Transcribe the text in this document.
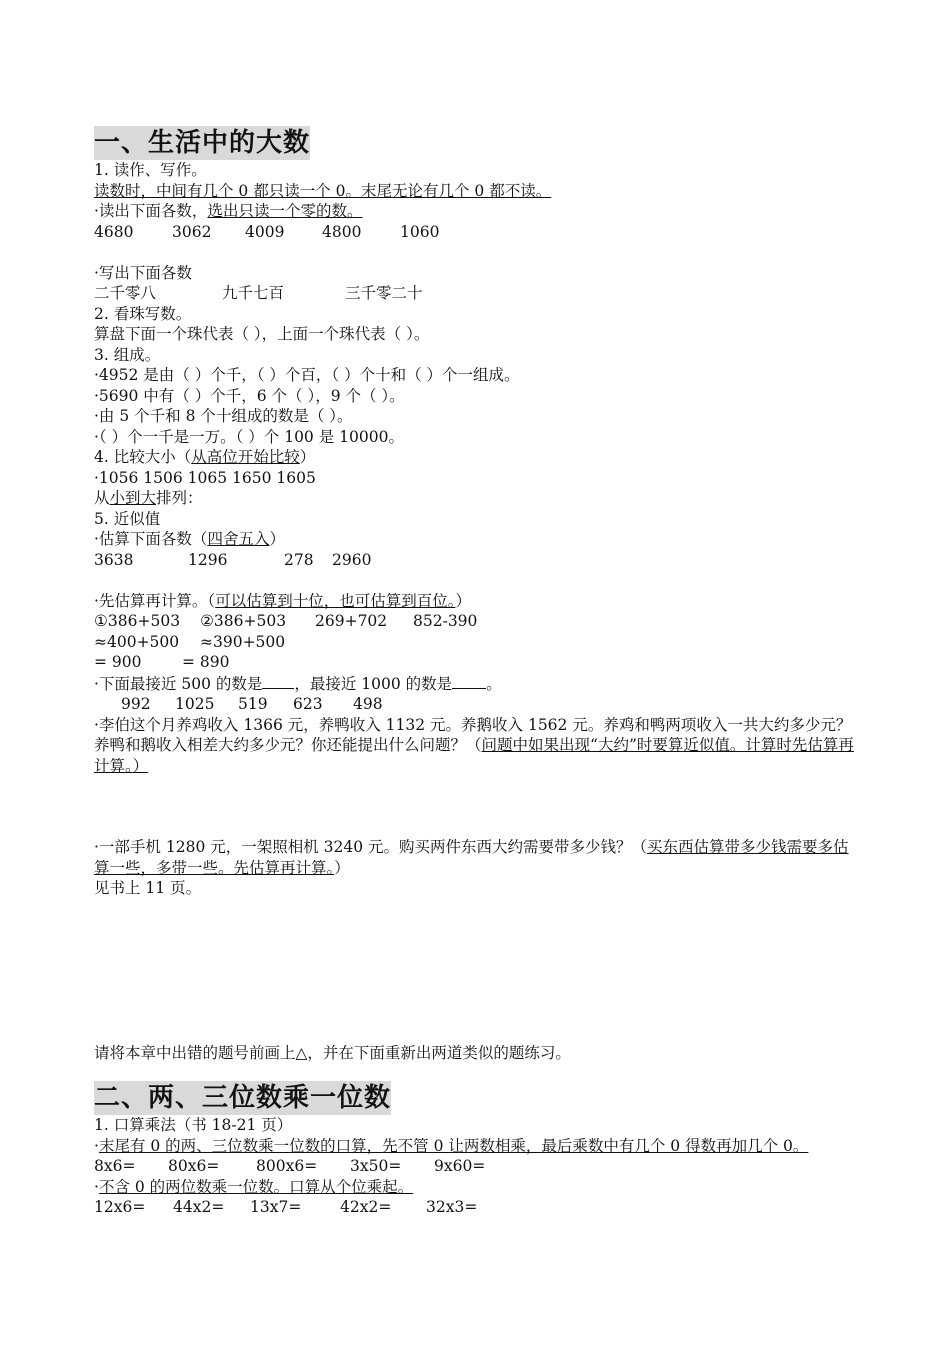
一、生活中的大数
1. 读作、写作。
读数时，中间有几个 0 都只读一个 0。末尾无论有几个 0 都不读。
·读出下面各数，选出只读一个零的数。
4680 3062 4009 4800 1060
·写出下面各数
二千零八	九千七百	三千零二十
2. 看珠写数。
算盘下面一个珠代表（ ），上面一个珠代表（ ）。
3. 组成。
·4952 是由（ ）个千，（ ）个百，（ ）个十和（ ）个一组成。
·5690 中有（ ）个千，6 个（ ），9 个（ ）。
·由 5 个千和 8 个十组成的数是（ ）。
·（ ）个一千是一万。（ ）个 100 是 10000。
4. 比较大小（从高位开始比较）
·1056 1506 1065 1650 1605
从小到大排列：
5. 近似值
·估算下面各数（四舍五入）
3638	1296	278 2960
·先估算再计算。（可以估算到十位，也可估算到百位。）
①386+503 ②386+503 269+702 852-390
≈400+500 ≈390+500
= 900	= 890
·下面最接近 500 的数是 ，最接近 1000 的数是 。
992 1025 519 623 498
·李伯这个月养鸡收入 1366 元，养鸭收入 1132 元。养鹅收入 1562 元。养鸡和鸭两项收入一共大约多少元？养鸭和鹅收入相差大约多少元？你还能提出什么问题？（问题中如果出现“大约”时要算近似值。计算时先估算再计算。）
·一部手机 1280 元，一架照相机 3240 元。购买两件东西大约需要带多少钱？（买东西估算带多少钱需要多估算一些，多带一些。先估算再计算。）
见书上 11 页。
请将本章中出错的题号前画上△，并在下面重新出两道类似的题练习。
二、两、三位数乘一位数
1. 口算乘法（书 18-21 页）
·末尾有 0 的两、三位数乘一位数的口算，先不管 0 让两数相乘，最后乘数中有几个 0 得数再加几个 0。
8x6= 80x6= 800x6= 3x50= 9x60=
·不含 0 的两位数乘一位数。口算从个位乘起。
12x6= 44x2= 13x7= 42x2= 32x3=
